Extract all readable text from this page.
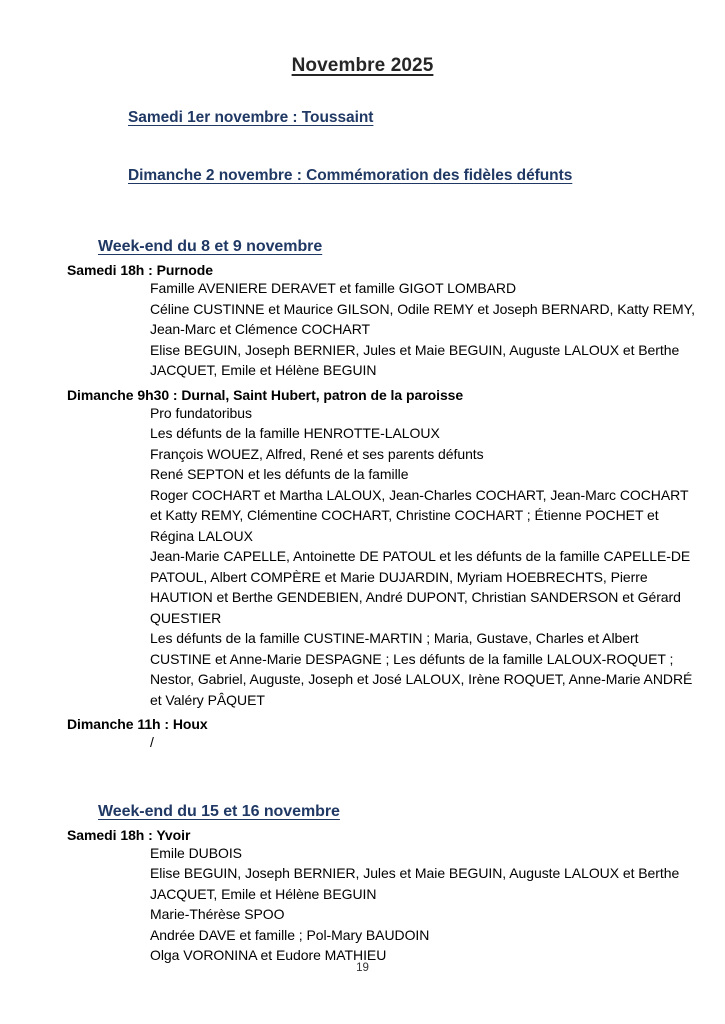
Novembre 2025
Samedi 1er novembre : Toussaint
Dimanche 2 novembre : Commémoration des fidèles défunts
Week-end du 8 et 9 novembre
Samedi 18h : Purnode
Famille AVENIERE DERAVET et famille GIGOT LOMBARD
Céline CUSTINNE et Maurice GILSON, Odile REMY et Joseph BERNARD, Katty REMY, Jean-Marc et Clémence COCHART
Elise BEGUIN, Joseph BERNIER, Jules et Maie BEGUIN, Auguste LALOUX et Berthe JACQUET, Emile et Hélène BEGUIN
Dimanche 9h30 : Durnal, Saint Hubert, patron de la paroisse
Pro fundatoribus
Les défunts de la famille HENROTTE-LALOUX
François WOUEZ, Alfred, René et ses parents défunts
René SEPTON et les défunts de la famille
Roger COCHART et Martha LALOUX, Jean-Charles COCHART, Jean-Marc COCHART et Katty REMY, Clémentine COCHART, Christine COCHART ; Étienne POCHET et Régina LALOUX
Jean-Marie CAPELLE, Antoinette DE PATOUL et les défunts de la famille CAPELLE-DE PATOUL, Albert COMPÈRE et Marie DUJARDIN, Myriam HOEBRECHTS, Pierre HAUTION et Berthe GENDEBIEN, André DUPONT, Christian SANDERSON et Gérard QUESTIER
Les défunts de la famille CUSTINE-MARTIN ; Maria, Gustave, Charles et Albert CUSTINE et Anne-Marie DESPAGNE ; Les défunts de la famille LALOUX-ROQUET ; Nestor, Gabriel, Auguste, Joseph et José LALOUX, Irène ROQUET, Anne-Marie ANDRÉ et Valéry PÂQUET
Dimanche 11h : Houx
/
Week-end du 15 et 16 novembre
Samedi 18h : Yvoir
Emile DUBOIS
Elise BEGUIN, Joseph BERNIER, Jules et Maie BEGUIN, Auguste LALOUX et Berthe JACQUET, Emile et Hélène BEGUIN
Marie-Thérèse SPOO
Andrée DAVE et famille ; Pol-Mary BAUDOIN
Olga VORONINA et Eudore MATHIEU
19
